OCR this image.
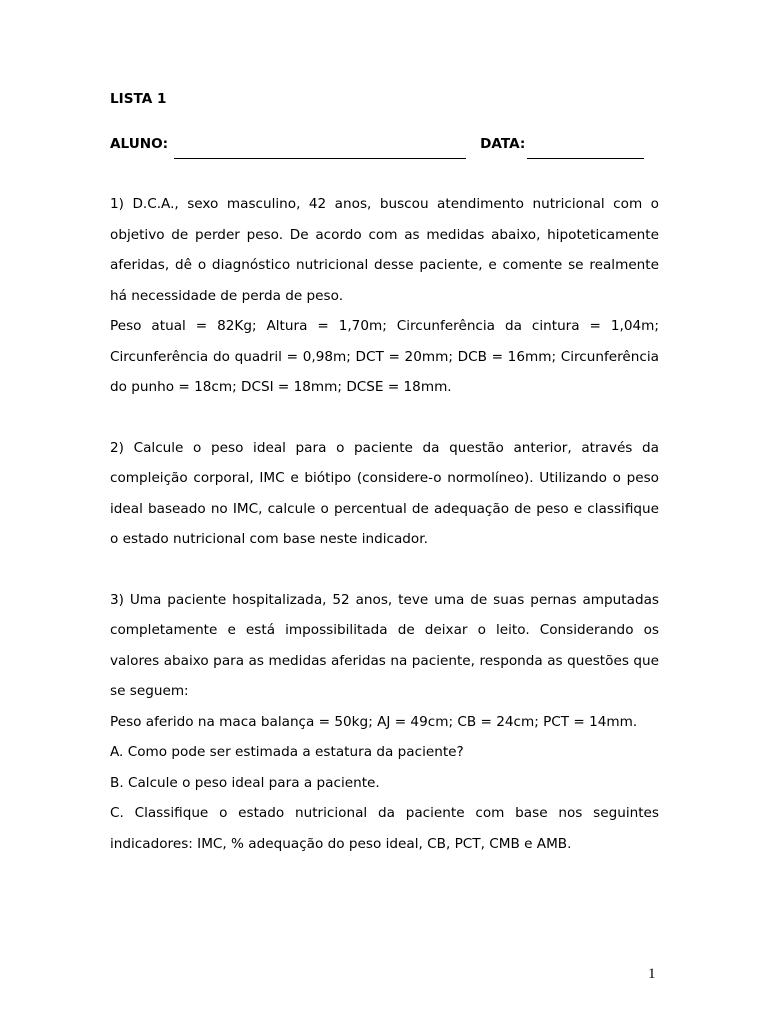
LISTA 1

ALUNO:	DATA:

1) D.C.A., sexo masculino, 42 anos, buscou atendimento nutricional com o objetivo de perder peso. De acordo com as medidas abaixo, hipoteticamente aferidas, dê o diagnóstico nutricional desse paciente, e comente se realmente há necessidade de perda de peso.

Peso atual = 82Kg; Altura = 1,70m; Circunferência da cintura = 1,04m; Circunferência do quadril = 0,98m; DCT = 20mm; DCB = 16mm; Circunferência do punho = 18cm; DCSI = 18mm; DCSE = 18mm.

2) Calcule o peso ideal para o paciente da questão anterior, através da compleição corporal, IMC e biótipo (considere-o normolíneo). Utilizando o peso ideal baseado no IMC, calcule o percentual de adequação de peso e classifique o estado nutricional com base neste indicador.

3) Uma paciente hospitalizada, 52 anos, teve uma de suas pernas amputadas completamente e está impossibilitada de deixar o leito. Considerando os valores abaixo para as medidas aferidas na paciente, responda as questões que se seguem:

Peso aferido na maca balança = 50kg; AJ = 49cm; CB = 24cm; PCT = 14mm.

A. Como pode ser estimada a estatura da paciente?

B. Calcule o peso ideal para a paciente.

C. Classifique o estado nutricional da paciente com base nos seguintes indicadores: IMC, % adequação do peso ideal, CB, PCT, CMB e AMB.

1
